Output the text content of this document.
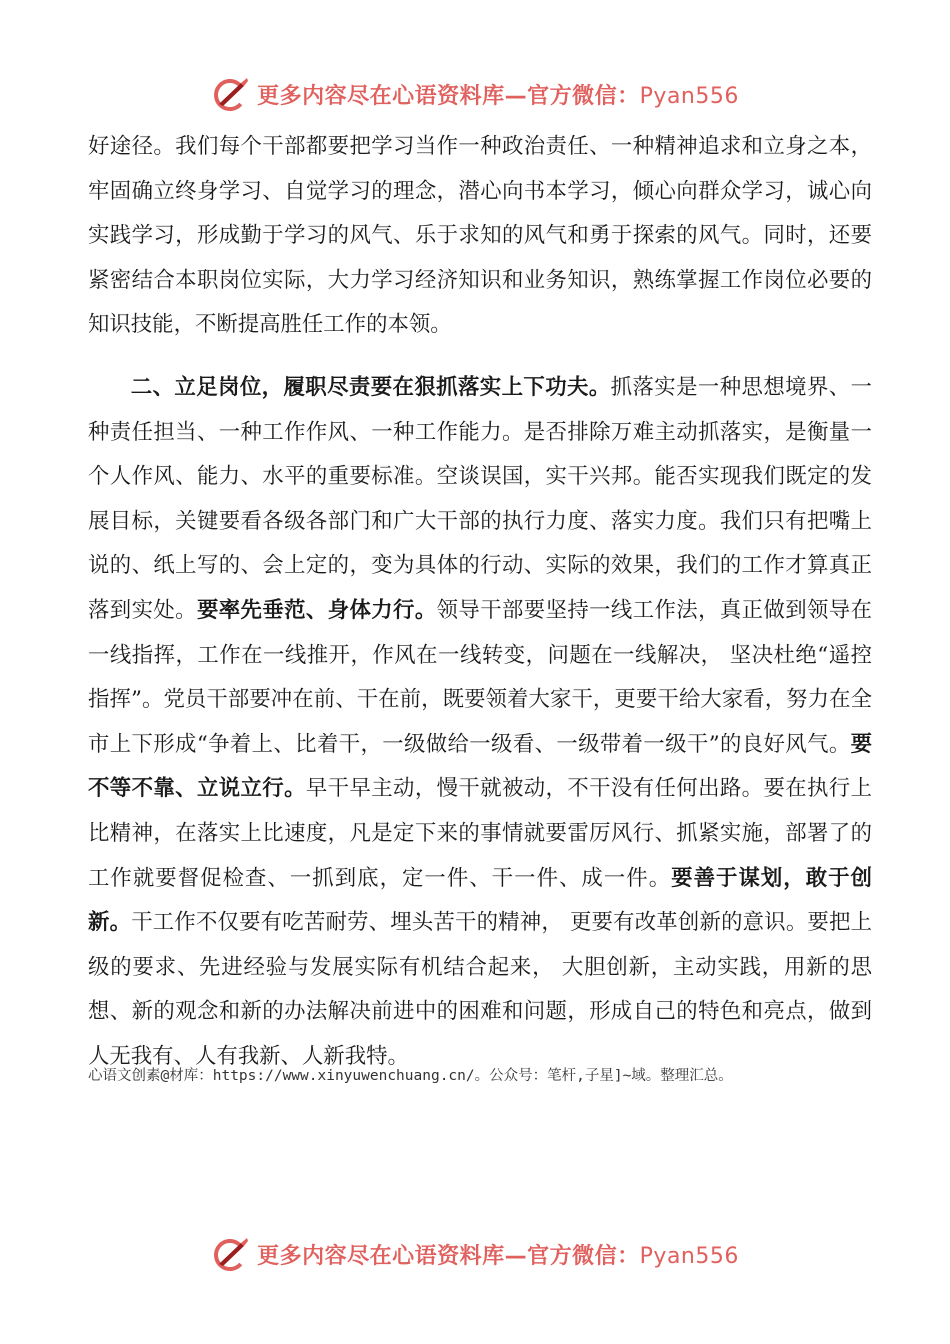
更多内容尽在心语资料库—官方微信：Pyan556

好途径。我们每个干部都要把学习当作一种政治责任、一种精神追求和立身之本，牢固确立终身学习、自觉学习的理念，潜心向书本学习，倾心向群众学习，诚心向实践学习，形成勤于学习的风气、乐于求知的风气和勇于探索的风气。同时，还要紧密结合本职岗位实际，大力学习经济知识和业务知识，熟练掌握工作岗位必要的知识技能，不断提高胜任工作的本领。

二、立足岗位，履职尽责要在狠抓落实上下功夫。抓落实是一种思想境界、一种责任担当、一种工作作风、一种工作能力。是否排除万难主动抓落实，是衡量一个人作风、能力、水平的重要标准。空谈误国，实干兴邦。能否实现我们既定的发展目标，关键要看各级各部门和广大干部的执行力度、落实力度。我们只有把嘴上说的、纸上写的、会上定的，变为具体的行动、实际的效果，我们的工作才算真正落到实处。要率先垂范、身体力行。领导干部要坚持一线工作法，真正做到领导在一线指挥，工作在一线推开，作风在一线转变，问题在一线解决， 坚决杜绝“遥控指挥”。党员干部要冲在前、干在前，既要领着大家干，更要干给大家看，努力在全市上下形成“争着上、比着干，一级做给一级看、一级带着一级干”的良好风气。要不等不靠、立说立行。早干早主动，慢干就被动，不干没有任何出路。要在执行上比精神，在落实上比速度，凡是定下来的事情就要雷厉风行、抓紧实施，部署了的工作就要督促检查、一抓到底，定一件、干一件、成一件。要善于谋划，敢于创新。干工作不仅要有吃苦耐劳、埋头苦干的精神， 更要有改革创新的意识。要把上级的要求、先进经验与发展实际有机结合起来， 大胆创新，主动实践，用新的思想、新的观念和新的办法解决前进中的困难和问题，形成自己的特色和亮点，做到人无我有、人有我新、人新我特。

心语文创素@材库：https://www.xinyuwenchuang.cn/。公众号：笔杆,子星]~域。整理汇总。
更多内容尽在心语资料库—官方微信：Pyan556
